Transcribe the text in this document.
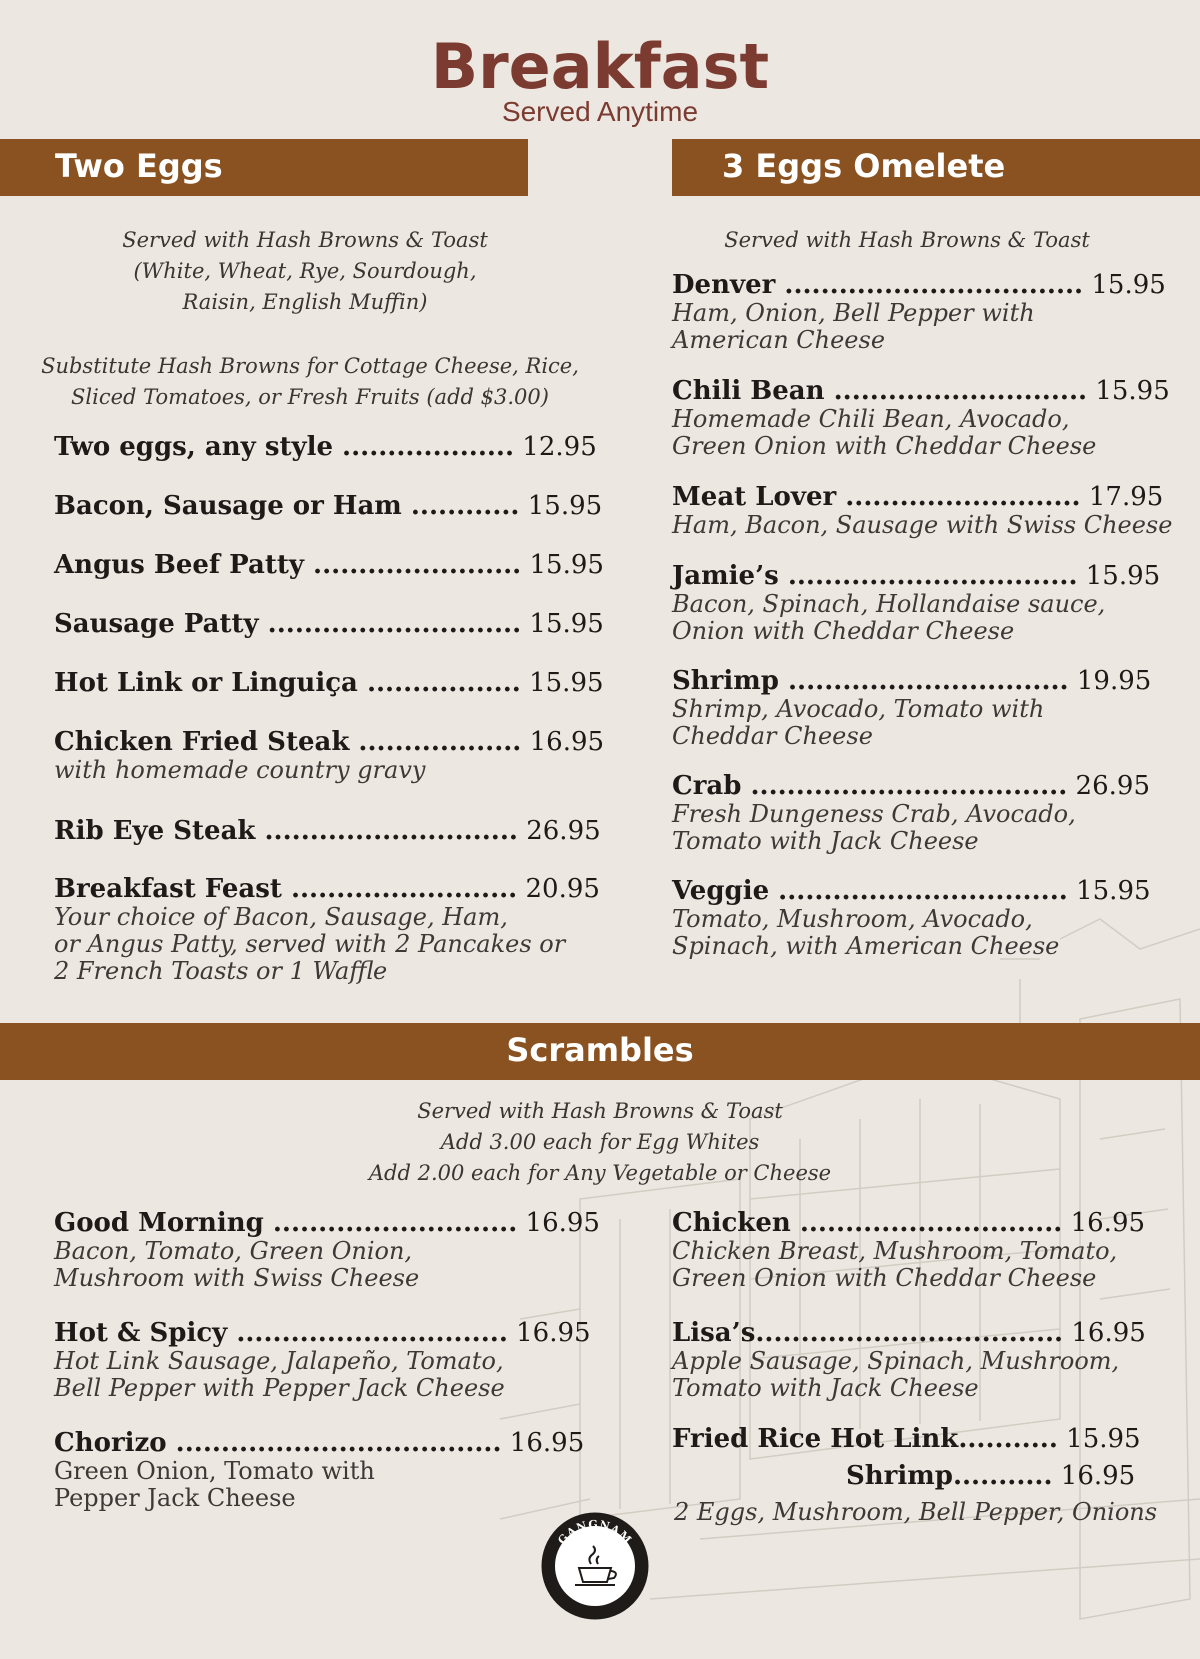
Breakfast
Served Anytime
Two Eggs	3 Eggs Omelete
Scrambles
Served with Hash Browns & Toast
(White, Wheat, Rye, Sourdough,
Raisin, English Muffin)
Substitute Hash Browns for Cottage Cheese, Rice,
Sliced Tomatoes, or Fresh Fruits (add $3.00)
Two eggs, any style ................... 12.95
Bacon, Sausage or Ham ............ 15.95
Angus Beef Patty ....................... 15.95
Sausage Patty ............................ 15.95
Hot Link or Linguiça ................. 15.95
Chicken Fried Steak .................. 16.95
with homemade country gravy
Rib Eye Steak ............................ 26.95
Breakfast Feast ......................... 20.95
Your choice of Bacon, Sausage, Ham,
or Angus Patty, served with 2 Pancakes or
2 French Toasts or 1 Waffle
Served with Hash Browns & Toast
Denver ................................. 15.95
Ham, Onion, Bell Pepper with
American Cheese
Chili Bean ............................ 15.95
Homemade Chili Bean, Avocado,
Green Onion with Cheddar Cheese
Meat Lover .......................... 17.95
Ham, Bacon, Sausage with Swiss Cheese
Jamie’s ................................ 15.95
Bacon, Spinach, Hollandaise sauce,
Onion with Cheddar Cheese
Shrimp ............................... 19.95
Shrimp, Avocado, Tomato with
Cheddar Cheese
Crab ................................... 26.95
Fresh Dungeness Crab, Avocado,
Tomato with Jack Cheese
Veggie ................................ 15.95
Tomato, Mushroom, Avocado,
Spinach, with American Cheese
Served with Hash Browns & Toast
Add 3.00 each for Egg Whites
Add 2.00 each for Any Vegetable or Cheese
Good Morning ........................... 16.95
Bacon, Tomato, Green Onion,
Mushroom with Swiss Cheese
Hot & Spicy .............................. 16.95
Hot Link Sausage, Jalapeño, Tomato,
Bell Pepper with Pepper Jack Cheese
Chorizo .................................... 16.95
Green Onion, Tomato with
Pepper Jack Cheese
Chicken ............................. 16.95
Chicken Breast, Mushroom, Tomato,
Green Onion with Cheddar Cheese
Lisa’s.................................. 16.95
Apple Sausage, Spinach, Mushroom,
Tomato with Jack Cheese
Fried Rice Hot Link........... 15.95
Shrimp........... 16.95
2 Eggs, Mushroom, Bell Pepper, Onions
GANGNAM
CAFE
